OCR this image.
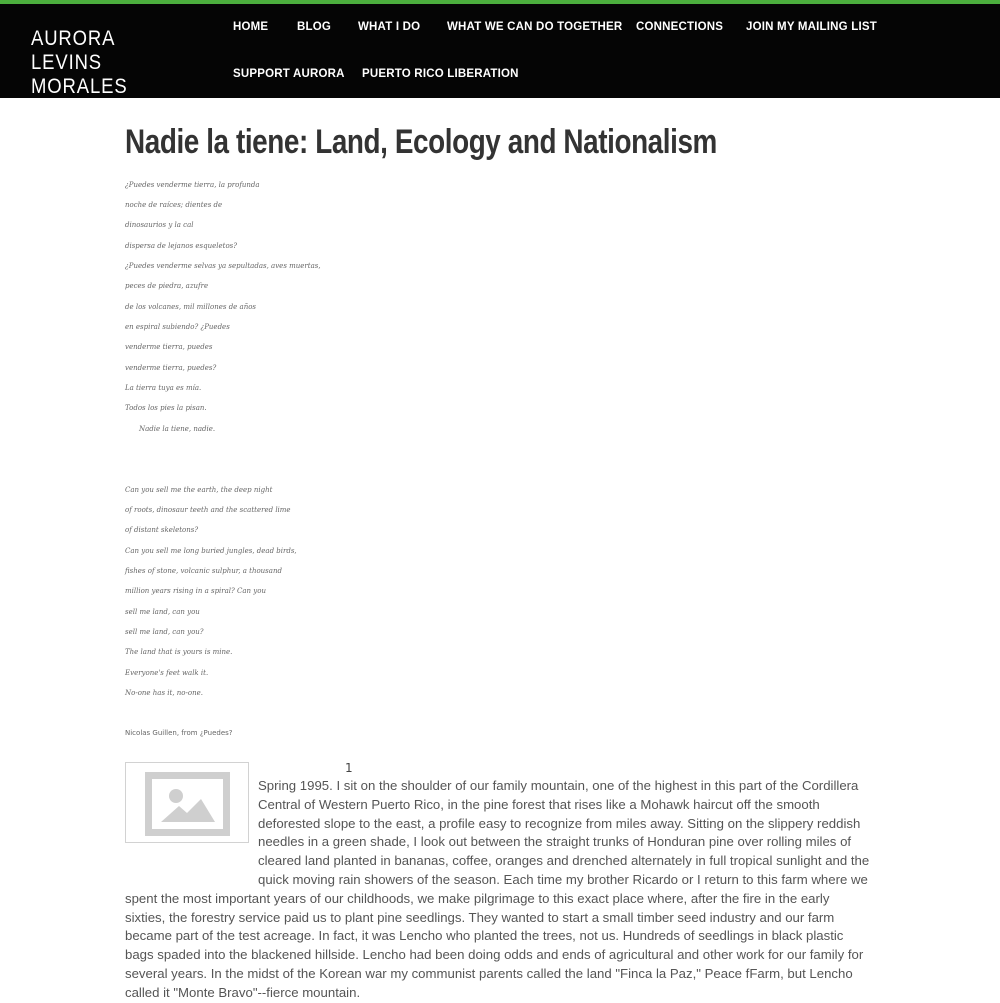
AURORA LEVINS
MORALES
HOME BLOG WHAT I DO WHAT WE CAN DO TOGETHER CONNECTIONS JOIN MY MAILING LIST
SUPPORT AURORA PUERTO RICO LIBERATION
Nadie la tiene: Land, Ecology and Nationalism
¿Puedes venderme tierra, la profunda
noche de raíces; dientes de
dinosaurios y la cal
dispersa de lejanos esqueletos?
¿Puedes venderme selvas ya sepultadas, aves muertas,
peces de piedra, azufre
de los volcanes, mil millones de años
en espiral subiendo? ¿Puedes
venderme tierra, puedes
venderme tierra, puedes?
La tierra tuya es mía.
Todos los pies la pisan.
Nadie la tiene, nadie.
Can you sell me the earth, the deep night
of roots, dinosaur teeth and the scattered lime
of distant skeletons?
Can you sell me long buried jungles, dead birds,
fishes of stone, volcanic sulphur, a thousand
million years rising in a spiral? Can you
sell me land, can you
sell me land, can you?
The land that is yours is mine.
Everyone's feet walk it.
No-one has it, no-one.
Nicolas Guillen, from ¿Puedes?
1
Spring 1995. I sit on the shoulder of our family mountain, one of the highest in this part of the Cordillera Central of Western Puerto Rico, in the pine forest that rises like a Mohawk haircut off the smooth deforested slope to the east, a profile easy to recognize from miles away. Sitting on the slippery reddish needles in a green shade, I look out between the straight trunks of Honduran pine over rolling miles of cleared land planted in bananas, coffee, oranges and drenched alternately in full tropical sunlight and the quick moving rain showers of the season. Each time my brother Ricardo or I return to this farm where we spent the most important years of our childhoods, we make pilgrimage to this exact place where, after the fire in the early sixties, the forestry service paid us to plant pine seedlings. They wanted to start a small timber seed industry and our farm became part of the test acreage. In fact, it was Lencho who planted the trees, not us. Hundreds of seedlings in black plastic bags spaded into the blackened hillside. Lencho had been doing odds and ends of agricultural and other work for our family for several years. In the midst of the Korean war my communist parents called the land "Finca la Paz," Peace fFarm, but Lencho called it "Monte Bravo"--fierce mountain.
